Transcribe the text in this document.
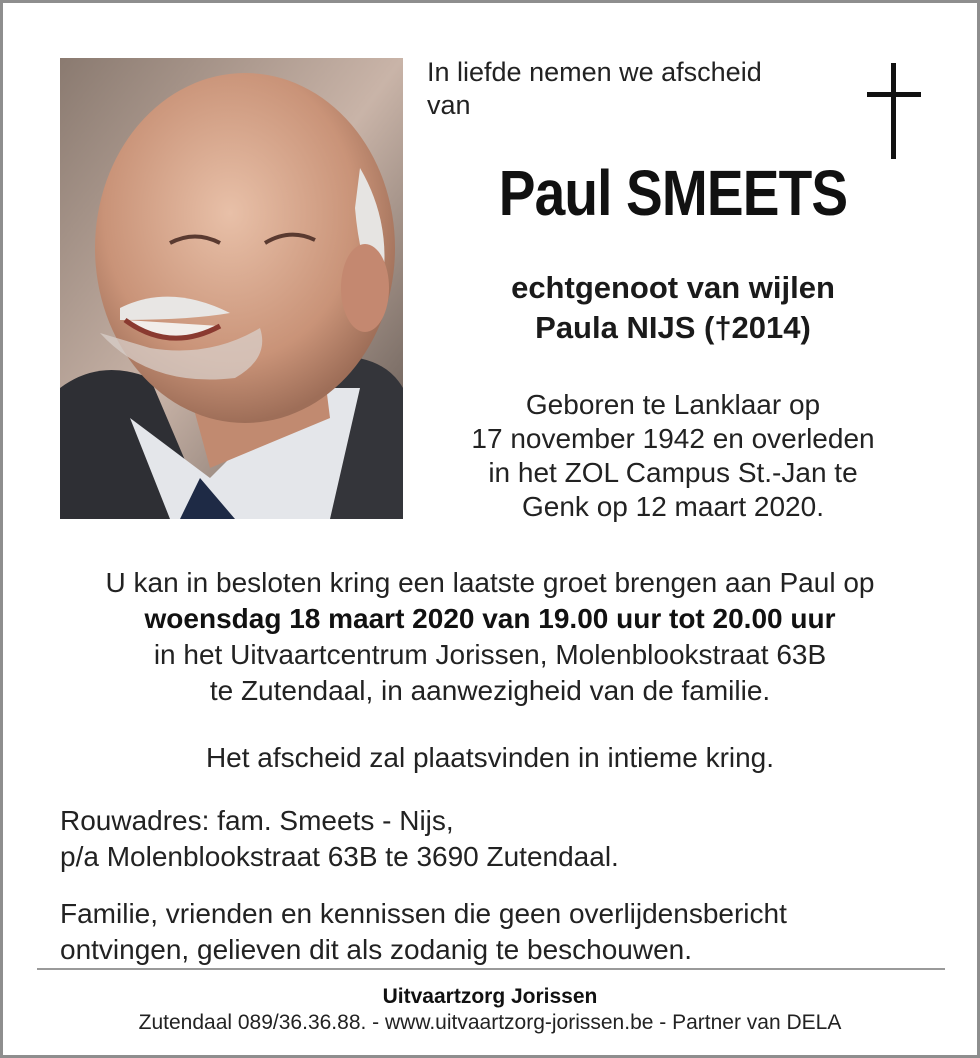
In liefde nemen we afscheid
van
Paul SMEETS
echtgenoot van wijlen
Paula NIJS (†2014)
Geboren te Lanklaar op
17 november 1942 en overleden
in het ZOL Campus St.-Jan te
Genk op 12 maart 2020.
U kan in besloten kring een laatste groet brengen aan Paul op
woensdag 18 maart 2020 van 19.00 uur tot 20.00 uur
in het Uitvaartcentrum Jorissen, Molenblookstraat 63B
te Zutendaal, in aanwezigheid van de familie.
Het afscheid zal plaatsvinden in intieme kring.
Rouwadres: fam. Smeets - Nijs,
p/a Molenblookstraat 63B te 3690 Zutendaal.
Familie, vrienden en kennissen die geen overlijdensbericht
ontvingen, gelieven dit als zodanig te beschouwen.
Uitvaartzorg Jorissen
Zutendaal 089/36.36.88. - www.uitvaartzorg-jorissen.be - Partner van DELA
